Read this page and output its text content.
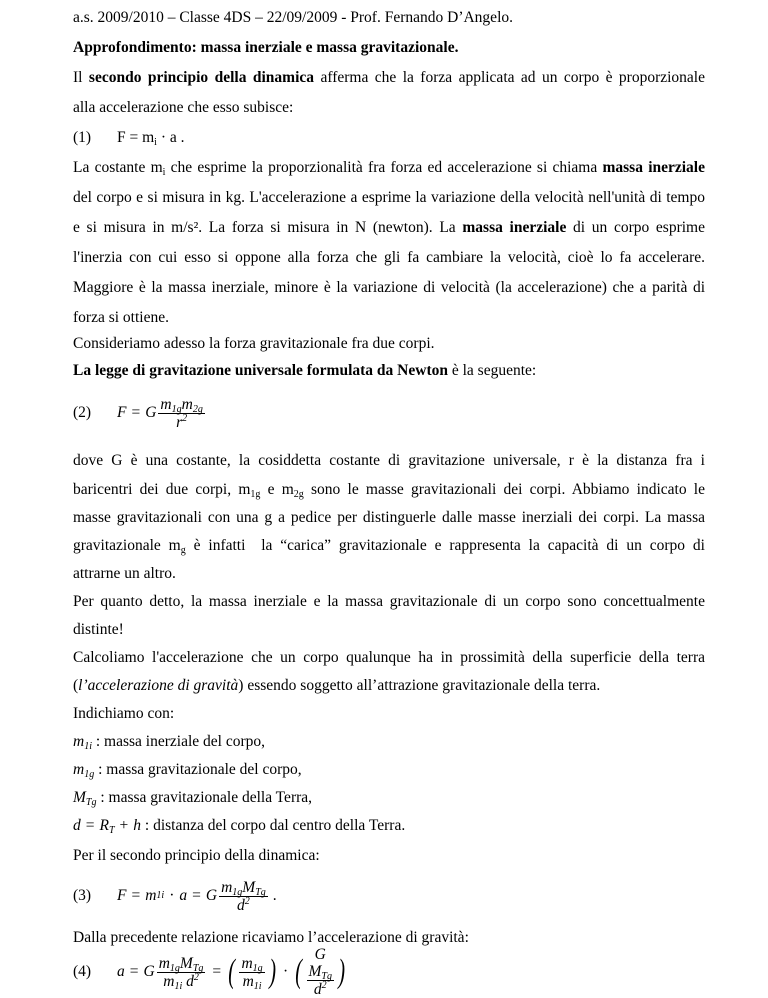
a.s. 2009/2010 – Classe 4DS – 22/09/2009 - Prof. Fernando D’Angelo.
Approfondimento: massa inerziale e massa gravitazionale.
Il secondo principio della dinamica afferma che la forza applicata ad un corpo è proporzionale
alla accelerazione che esso subisce:
(1) $F = m_i \cdot a$ .
La costante $m_i$ che esprime la proporzionalità fra forza ed accelerazione si chiama massa inerziale
del corpo e si misura in kg. L'accelerazione a esprime la variazione della velocità nell'unità di tempo
e si misura in m/s². La forza si misura in N (newton). La massa inerziale di un corpo esprime
l'inerzia con cui esso si oppone alla forza che gli fa cambiare la velocità, cioè lo fa accelerare.
Maggiore è la massa inerziale, minore è la variazione di velocità (la accelerazione) che a parità di
forza si ottiene.
Consideriamo adesso la forza gravitazionale fra due corpi.
La legge di gravitazione universale formulata da Newton è la seguente:
(2) F = G $\frac{m_{1g}m_{2g}}{r^2}$
dove G è una costante, la cosiddetta costante di gravitazione universale, r è la distanza fra i
baricentri dei due corpi, $m_{1g}$ e $m_{2g}$ sono le masse gravitazionali dei corpi. Abbiamo indicato le
masse gravitazionali con una g a pedice per distinguerle dalle masse inerziali dei corpi. La massa
gravitazionale $m_g$ è infatti  la “carica” gravitazionale e rappresenta la capacità di un corpo di
attrarne un altro.
Per quanto detto, la massa inerziale e la massa gravitazionale di un corpo sono concettualmente
distinte!
Calcoliamo l'accelerazione che un corpo qualunque ha in prossimità della superficie della terra
(l’accelerazione di gravità) essendo soggetto all’attrazione gravitazionale della terra.
Indichiamo con:
$m_{1i}$ : massa inerziale del corpo,
$m_{1g}$ : massa gravitazionale del corpo,
$M_{Tg}$ : massa gravitazionale della Terra,
$d = R_T + h$ : distanza del corpo dal centro della Terra.
Per il secondo principio della dinamica:
(3) F = m 1i · a = G $\frac{m_{1g}M_{Tg}}{d^2}$ .
Dalla precedente relazione ricaviamo l’accelerazione di gravità:
(4) a = G $\frac{m_{1g}M_{Tg}}{m_{1i} d^2}$ = ( $\frac{m_{1g}}{m_{1i}}$ ) · ( $\frac{G M_{Tg}}{d^2}$ )
